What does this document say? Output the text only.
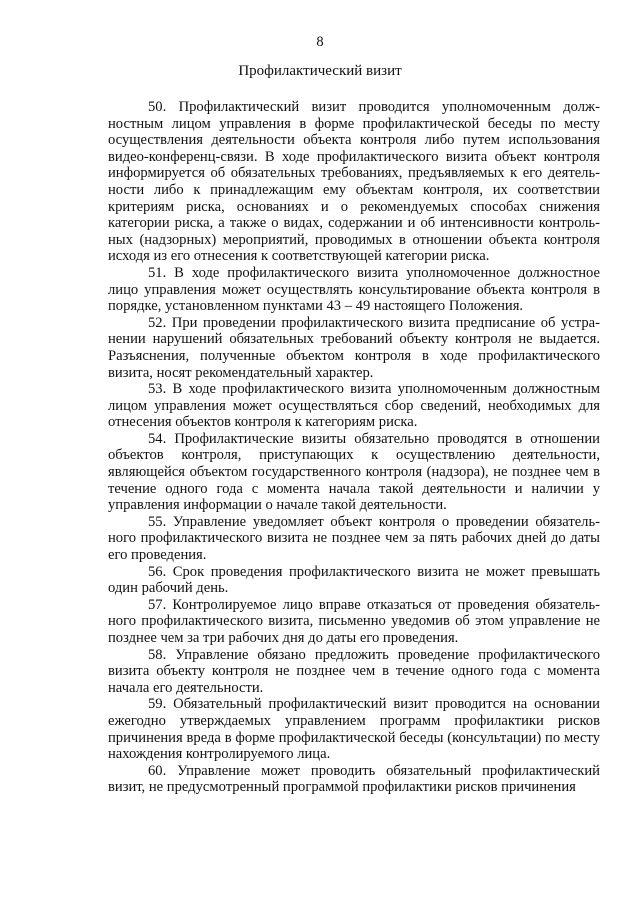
8
Профилактический визит

50. Профилактический визит проводится уполномоченным должностным лицом управления в форме профилактической беседы по месту осуществления деятельности объекта контроля либо путем использования видео-конференц-связи. В ходе профилактического визита объект контроля информируется об обязательных требованиях, предъявляемых к его деятельности либо к принадлежащим ему объектам контроля, их соответствии критериям риска, основаниях и о рекомендуемых способах снижения категории риска, а также о видах, содержании и об интенсивности контрольных (надзорных) мероприятий, проводимых в отношении объекта контроля исходя из его отнесения к соответствующей категории риска.

51. В ходе профилактического визита уполномоченное должностное лицо управления может осуществлять консультирование объекта контроля в порядке, установленном пунктами 43 – 49 настоящего Положения.

52. При проведении профилактического визита предписание об устранении нарушений обязательных требований объекту контроля не выдается. Разъяснения, полученные объектом контроля в ходе профилактического визита, носят рекомендательный характер.

53. В ходе профилактического визита уполномоченным должностным лицом управления может осуществляться сбор сведений, необходимых для отнесения объектов контроля к категориям риска.

54. Профилактические визиты обязательно проводятся в отношении объектов контроля, приступающих к осуществлению деятельности, являющейся объектом государственного контроля (надзора), не позднее чем в течение одного года с момента начала такой деятельности и наличии у управления информации о начале такой деятельности.

55. Управление уведомляет объект контроля о проведении обязательного профилактического визита не позднее чем за пять рабочих дней до даты его проведения.

56. Срок проведения профилактического визита не может превышать один рабочий день.

57. Контролируемое лицо вправе отказаться от проведения обязательного профилактического визита, письменно уведомив об этом управление не позднее чем за три рабочих дня до даты его проведения.

58. Управление обязано предложить проведение профилактического визита объекту контроля не позднее чем в течение одного года с момента начала его деятельности.

59. Обязательный профилактический визит проводится на основании ежегодно утверждаемых управлением программ профилактики рисков причинения вреда в форме профилактической беседы (консультации) по месту нахождения контролируемого лица.

60. Управление может проводить обязательный профилактический визит, не предусмотренный программой профилактики рисков причинения
